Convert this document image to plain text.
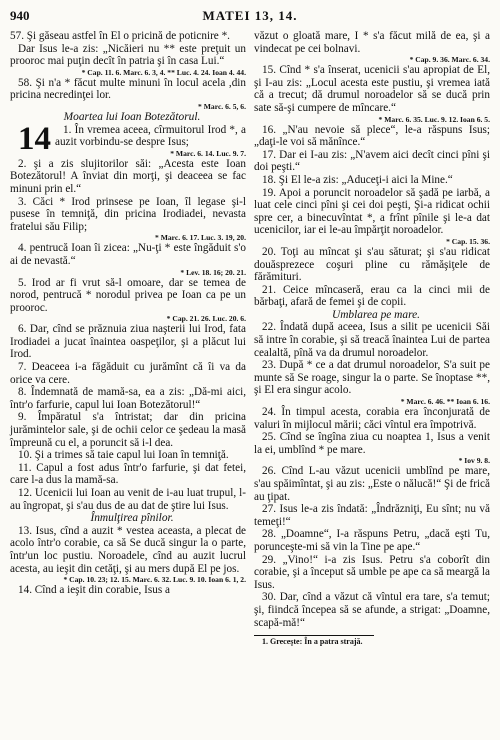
940	MATEI 13, 14.

57. Şi găseau astfel în El o pricină de poticnire *.

Dar Isus le-a zis: „Nicăieri nu ** este preţuit un prooroc mai puţin decît în patria şi în casa Lui.“

* Cap. 11. 6. Marc. 6. 3, 4. ** Luc. 4. 24. Ioan 4. 44.

58. Şi n'a * făcut multe minuni în locul acela ,din pricina necredinţei lor.

* Marc. 6. 5, 6.

Moartea lui Ioan Botezătorul.

14 1. În vremea aceea, cîrmuitorul Irod *, a auzit vorbindu-se despre Isus;

* Marc. 6. 14. Luc. 9. 7.

2. şi a zis slujitorilor săi: „Acesta este Ioan Botezătorul! A înviat din morţi, şi deaceea se fac minuni prin el.“

3. Căci * Irod prinsese pe Ioan, îl legase şi-l pusese în temniţă, din pricina Irodiadei, nevasta fratelui său Filip;

* Marc. 6. 17. Luc. 3. 19, 20.

4. pentrucă Ioan îi zicea: „Nu-ţi * este îngăduit s'o ai de nevastă.“

* Lev. 18. 16; 20. 21.

5. Irod ar fi vrut să-l omoare, dar se temea de norod, pentrucă * norodul privea pe Ioan ca pe un prooroc.

* Cap. 21. 26. Luc. 20. 6.

6. Dar, cînd se prăznuia ziua naşterii lui Irod, fata Irodiadei a jucat înaintea oaspeţilor, şi a plăcut lui Irod.

7. Deaceea i-a făgăduit cu jurămînt că îi va da orice va cere.

8. Îndemnată de mamă-sa, ea a zis: „Dă-mi aici, într'o farfurie, capul lui Ioan Botezătorul!“

9. Împăratul s'a întristat; dar din pricina jurămintelor sale, şi de ochii celor ce şedeau la masă împreună cu el, a poruncit să i-l dea.

10. Şi a trimes să taie capul lui Ioan în temniţă.

11. Capul a fost adus într'o farfurie, şi dat fetei, care l-a dus la mamă-sa.

12. Ucenicii lui Ioan au venit de i-au luat trupul, l-au îngropat, şi s'au dus de au dat de ştire lui Isus.

Înmulţirea pînilor.

13. Isus, cînd a auzit * vestea aceasta, a plecat de acolo într'o corabie, ca să Se ducă singur la o parte, într'un loc pustiu. Noroadele, cînd au auzit lucrul acesta, au ieşit din cetăţi, şi au mers după El pe jos.

* Cap. 10. 23; 12. 15. Marc. 6. 32. Luc. 9. 10. Ioan 6. 1, 2.

14. Cînd a ieşit din corabie, Isus a

văzut o gloată mare, I * s'a făcut milă de ea, şi a vindecat pe cei bolnavi.

* Cap. 9. 36. Marc. 6. 34.

15. Cînd * s'a înserat, ucenicii s'au apropiat de El, şi I-au zis: „Locul acesta este pustiu, şi vremea iată că a trecut; dă drumul noroadelor să se ducă prin sate să-şi cumpere de mîncare.“

* Marc. 6. 35. Luc. 9. 12. Ioan 6. 5.

16. „N'au nevoie să plece“, le-a răspuns Isus; „daţi-le voi să mănînce.“

17. Dar ei I-au zis: „N'avem aici decît cinci pîni şi doi peşti.“

18. Şi El le-a zis: „Aduceţi-i aici la Mine.“

19. Apoi a poruncit noroadelor să şadă pe iarbă, a luat cele cinci pîni şi cei doi peşti, Şi-a ridicat ochii spre cer, a binecuvîntat *, a frînt pînile şi le-a dat ucenicilor, iar ei le-au împărţit noroadelor.

* Cap. 15. 36.

20. Toţi au mîncat şi s'au săturat; şi s'au ridicat douăsprezece coşuri pline cu rămăşiţele de fărămituri.

21. Ceice mîncaseră, erau ca la cinci mii de bărbaţi, afară de femei şi de copii.

Umblarea pe mare.

22. Îndată după aceea, Isus a silit pe ucenicii Săi să intre în corabie, şi să treacă înaintea Lui de partea cealaltă, pînă va da drumul noroadelor.

23. După * ce a dat drumul noroadelor, S'a suit pe munte să Se roage, singur la o parte. Se înoptase **, şi El era singur acolo.

* Marc. 6. 46. ** Ioan 6. 16.

24. În timpul acesta, corabia era înconjurată de valuri în mijlocul mării; căci vîntul era împotrivă.

25. Cînd se îngîna ziua cu noaptea 1, Isus a venit la ei, umblînd * pe mare.

* Iov 9. 8.

26. Cînd L-au văzut ucenicii umblînd pe mare, s'au spăimîntat, şi au zis: „Este o nălucă!“ Şi de frică au ţipat.

27. Isus le-a zis îndată: „Îndrăzniţi, Eu sînt; nu vă temeţi!“

28. „Doamne“, I-a răspuns Petru, „dacă eşti Tu, porunceşte-mi să vin la Tine pe ape.“

29. „Vino!“ i-a zis Isus. Petru s'a coborît din corabie, şi a început să umble pe ape ca să meargă la Isus.

30. Dar, cînd a văzut că vîntul era tare, s'a temut; şi, fiindcă începea să se afunde, a strigat: „Doamne, scapă-mă!“

1. Greceşte: În a patra strajă.
